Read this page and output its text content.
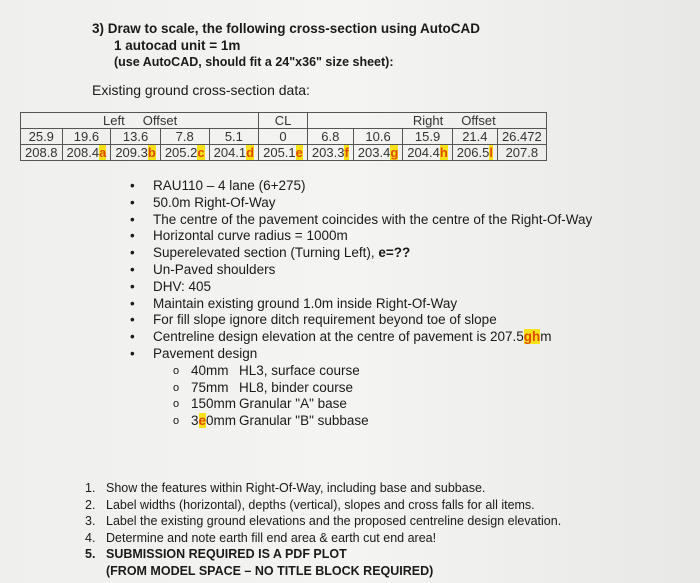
3) Draw to scale, the following cross-section using AutoCAD
1 autocad unit = 1m
(use AutoCAD, should fit a 24"x36" size sheet):
Existing ground cross-section data:
Left     Offset					CL	Right     Offset				
25.9	19.6	13.6	7.8	5.1	0	6.8	10.6	15.9	21.4	26.472
208.8	208.4a	209.3b	205.2c	204.1d	205.1e	203.3f	203.4g	204.4h	206.5l	207.8
• RAU110 – 4 lane (6+275)
• 50.0m Right-Of-Way
• The centre of the pavement coincides with the centre of the Right-Of-Way
• Horizontal curve radius = 1000m
• Superelevated section (Turning Left), e=??
• Un-Paved shoulders
• DHV: 405
• Maintain existing ground 1.0m inside Right-Of-Way
• For fill slope ignore ditch requirement beyond toe of slope
• Centreline design elevation at the centre of pavement is 207.5ghm
• Pavement design
o 40mm HL3, surface course
o 75mm HL8, binder course
o 150mm Granular "A" base
o 3e0mm Granular "B" subbase
1. Show the features within Right-Of-Way, including base and subbase.
2. Label widths (horizontal), depths (vertical), slopes and cross falls for all items.
3. Label the existing ground elevations and the proposed centreline design elevation.
4. Determine and note earth fill end area & earth cut end area!
5. SUBMISSION REQUIRED IS A PDF PLOT
(FROM MODEL SPACE – NO TITLE BLOCK REQUIRED)
